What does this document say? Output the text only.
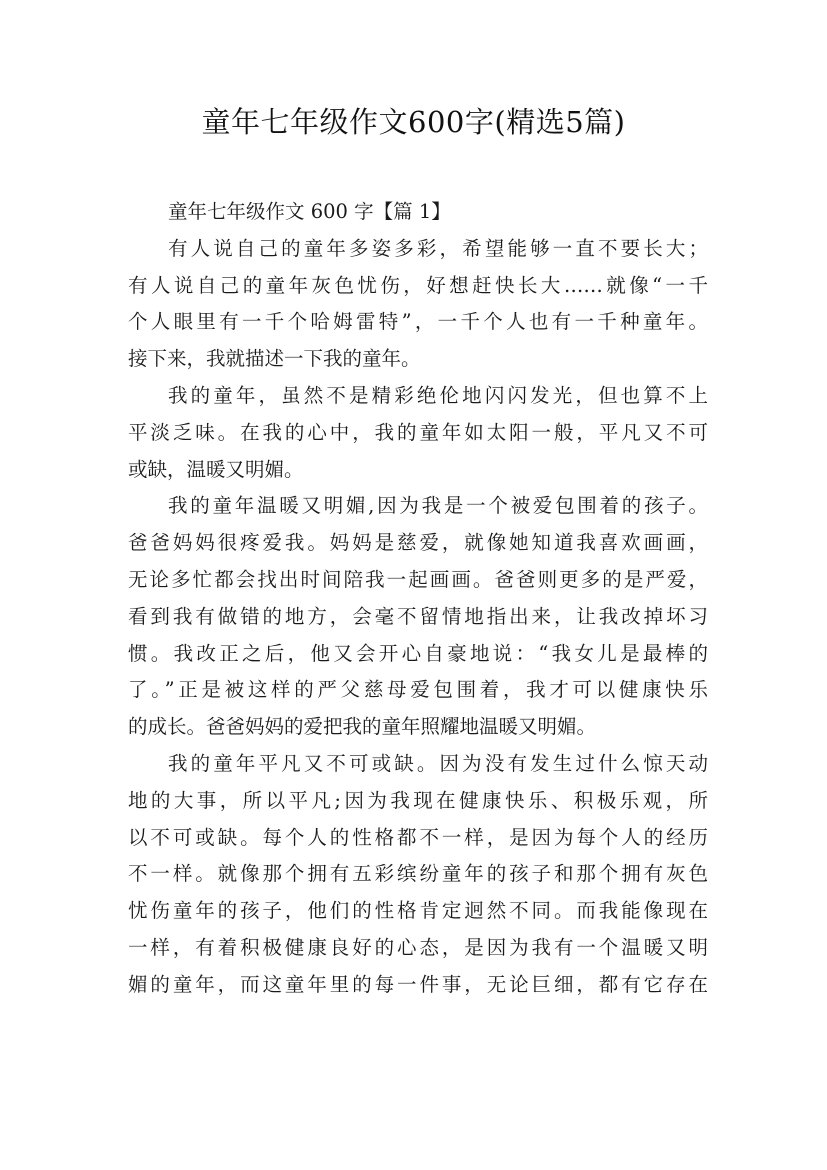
童年七年级作文600字(精选5篇)
童年七年级作文 600 字【篇 1】
有人说自己的童年多姿多彩，希望能够一直不要长大；
有人说自己的童年灰色忧伤，好想赶快长大……就像“一千
个人眼里有一千个哈姆雷特”，一千个人也有一千种童年。
接下来，我就描述一下我的童年。
我的童年，虽然不是精彩绝伦地闪闪发光，但也算不上
平淡乏味。在我的心中，我的童年如太阳一般，平凡又不可
或缺，温暖又明媚。
我的童年温暖又明媚,因为我是一个被爱包围着的孩子。
爸爸妈妈很疼爱我。妈妈是慈爱，就像她知道我喜欢画画，
无论多忙都会找出时间陪我一起画画。爸爸则更多的是严爱，
看到我有做错的地方，会毫不留情地指出来，让我改掉坏习
惯。我改正之后，他又会开心自豪地说：“我女儿是最棒的
了。”正是被这样的严父慈母爱包围着，我才可以健康快乐
的成长。爸爸妈妈的爱把我的童年照耀地温暖又明媚。
我的童年平凡又不可或缺。因为没有发生过什么惊天动
地的大事，所以平凡;因为我现在健康快乐、积极乐观，所
以不可或缺。每个人的性格都不一样，是因为每个人的经历
不一样。就像那个拥有五彩缤纷童年的孩子和那个拥有灰色
忧伤童年的孩子，他们的性格肯定迥然不同。而我能像现在
一样，有着积极健康良好的心态，是因为我有一个温暖又明
媚的童年，而这童年里的每一件事，无论巨细，都有它存在
